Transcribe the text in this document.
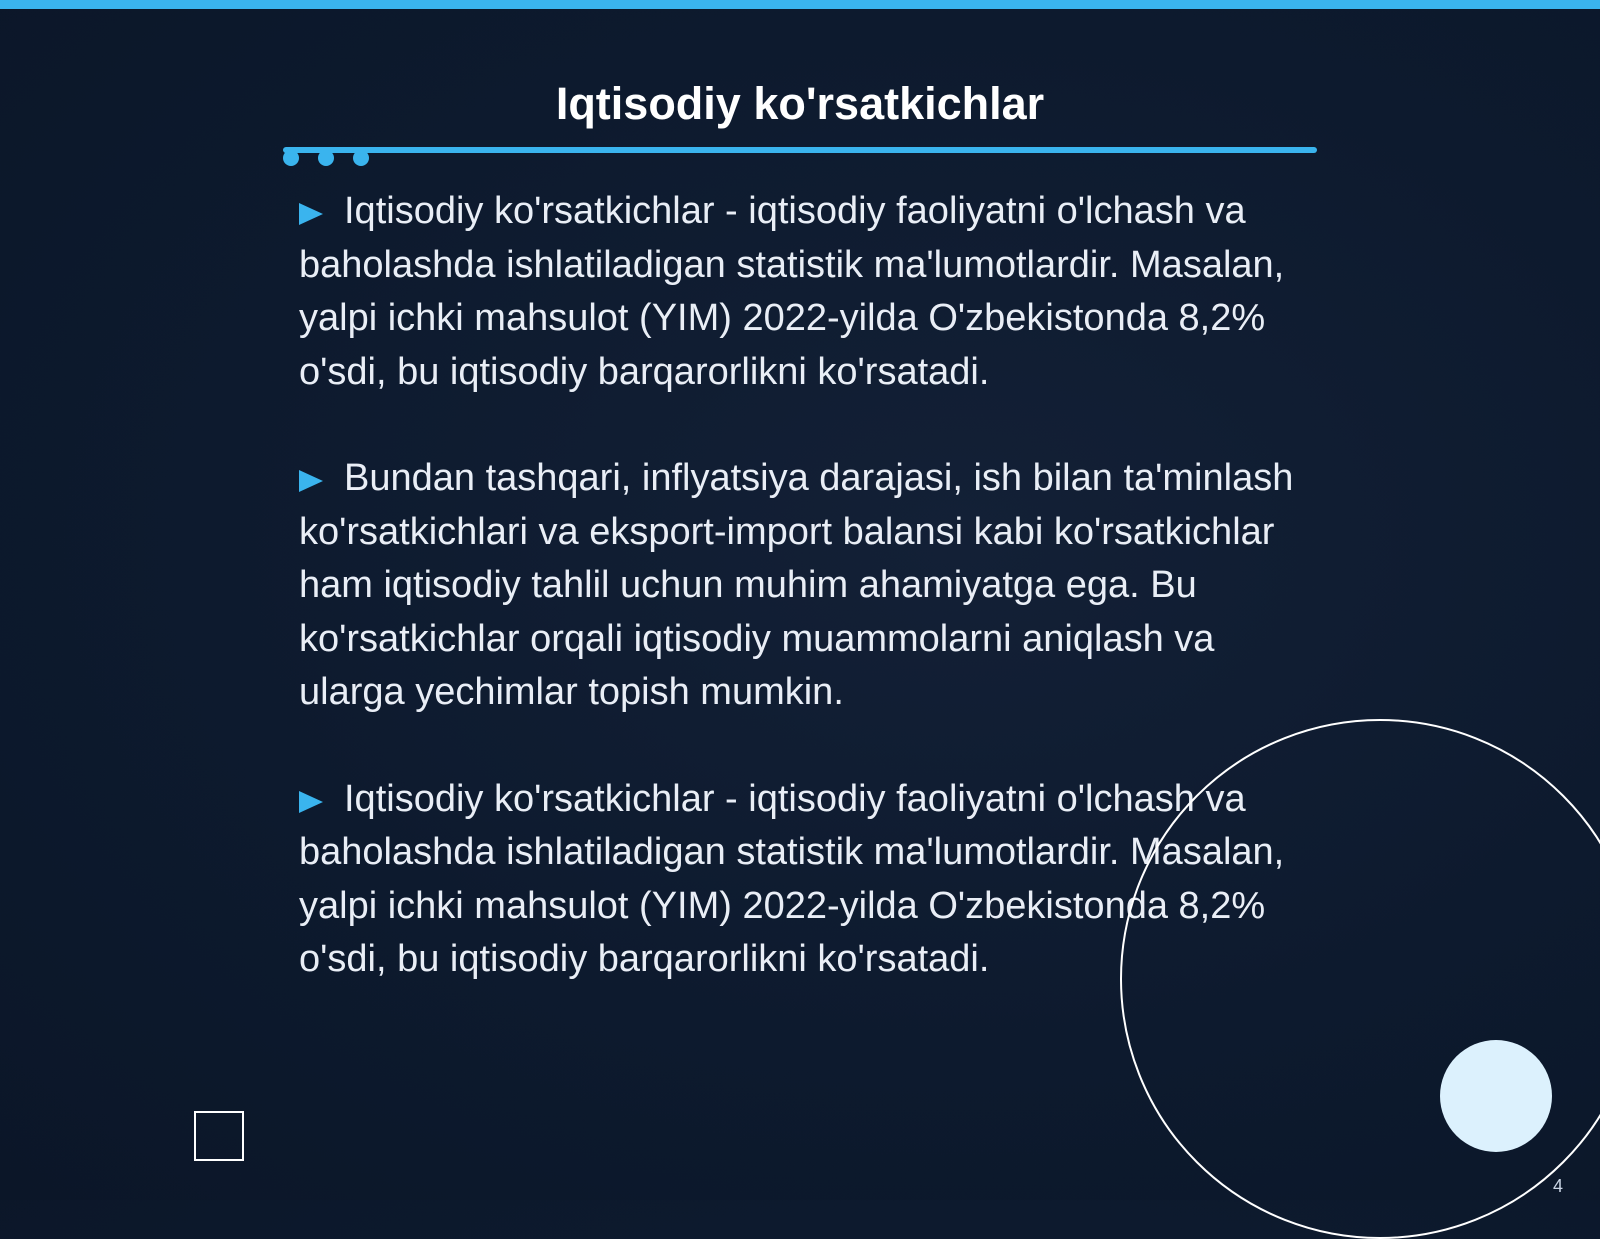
Iqtisodiy ko'rsatkichlar

Iqtisodiy ko'rsatkichlar - iqtisodiy faoliyatni o'lchash va baholashda ishlatiladigan statistik ma'lumotlardir. Masalan, yalpi ichki mahsulot (YIM) 2022-yilda O'zbekistonda 8,2% o'sdi, bu iqtisodiy barqarorlikni ko'rsatadi.

Bundan tashqari, inflyatsiya darajasi, ish bilan ta'minlash ko'rsatkichlari va eksport-import balansi kabi ko'rsatkichlar ham iqtisodiy tahlil uchun muhim ahamiyatga ega. Bu ko'rsatkichlar orqali iqtisodiy muammolarni aniqlash va ularga yechimlar topish mumkin.

Iqtisodiy ko'rsatkichlar - iqtisodiy faoliyatni o'lchash va baholashda ishlatiladigan statistik ma'lumotlardir. Masalan, yalpi ichki mahsulot (YIM) 2022-yilda O'zbekistonda 8,2% o'sdi, bu iqtisodiy barqarorlikni ko'rsatadi.

4
